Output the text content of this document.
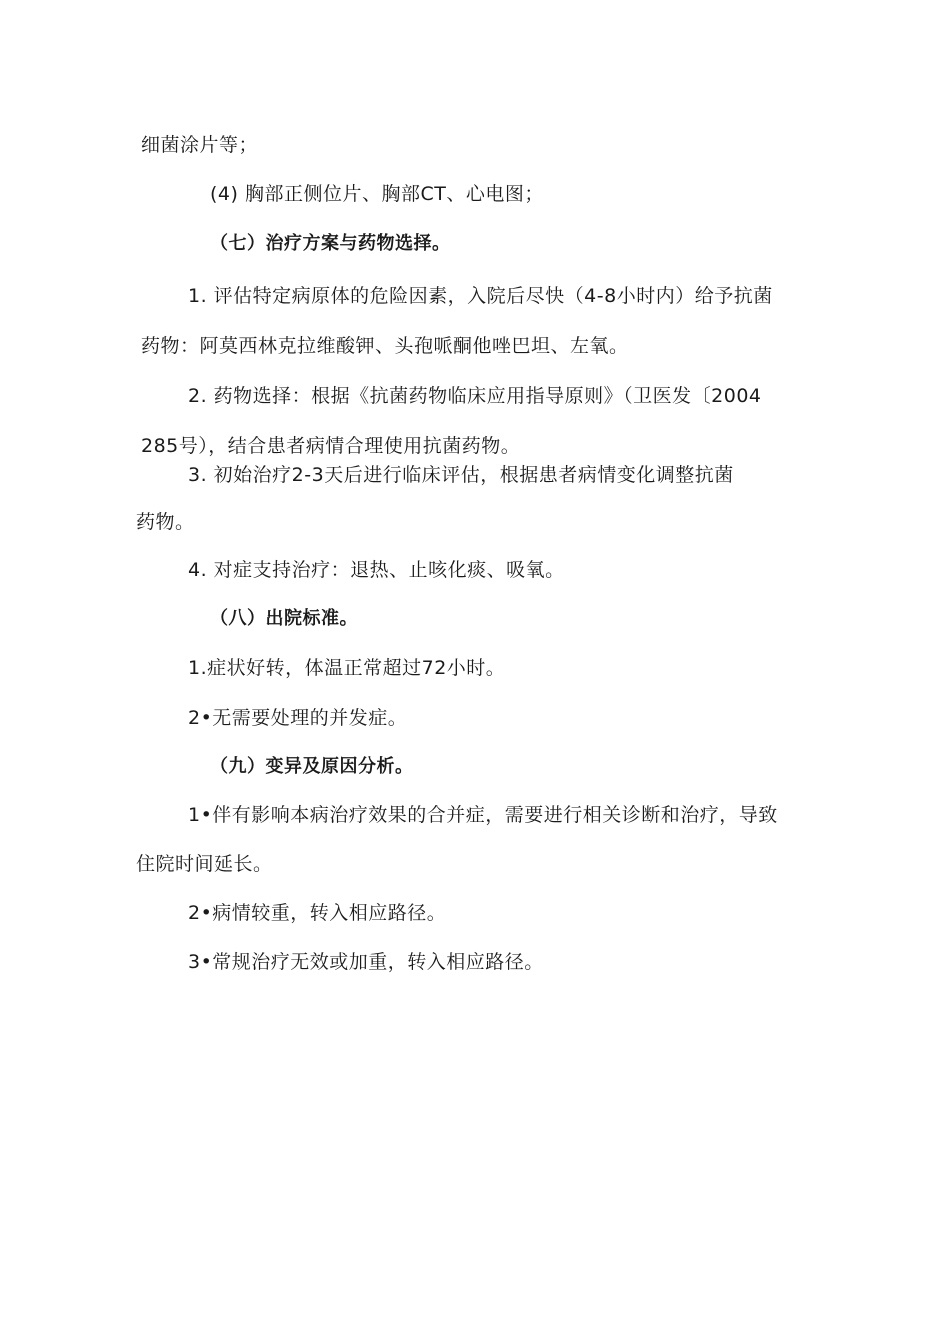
细菌涂片等；
(4) 胸部正侧位片、胸部CT、心电图；
（七）治疗方案与药物选择。
1. 评估特定病原体的危险因素，入院后尽快（4-8小时内）给予抗菌
药物：阿莫西林克拉维酸钾、头孢哌酮他唑巴坦、左氧。
2. 药物选择：根据《抗菌药物临床应用指导原则》（卫医发〔2004
285号），结合患者病情合理使用抗菌药物。
3. 初始治疗2-3天后进行临床评估，根据患者病情变化调整抗菌
药物。
4. 对症支持治疗：退热、止咳化痰、吸氧。
（八）出院标准。
1.症状好转，体温正常超过72小时。
2•无需要处理的并发症。
（九）变异及原因分析。
1•伴有影响本病治疗效果的合并症，需要进行相关诊断和治疗，导致
住院时间延长。
2•病情较重，转入相应路径。
3•常规治疗无效或加重，转入相应路径。
